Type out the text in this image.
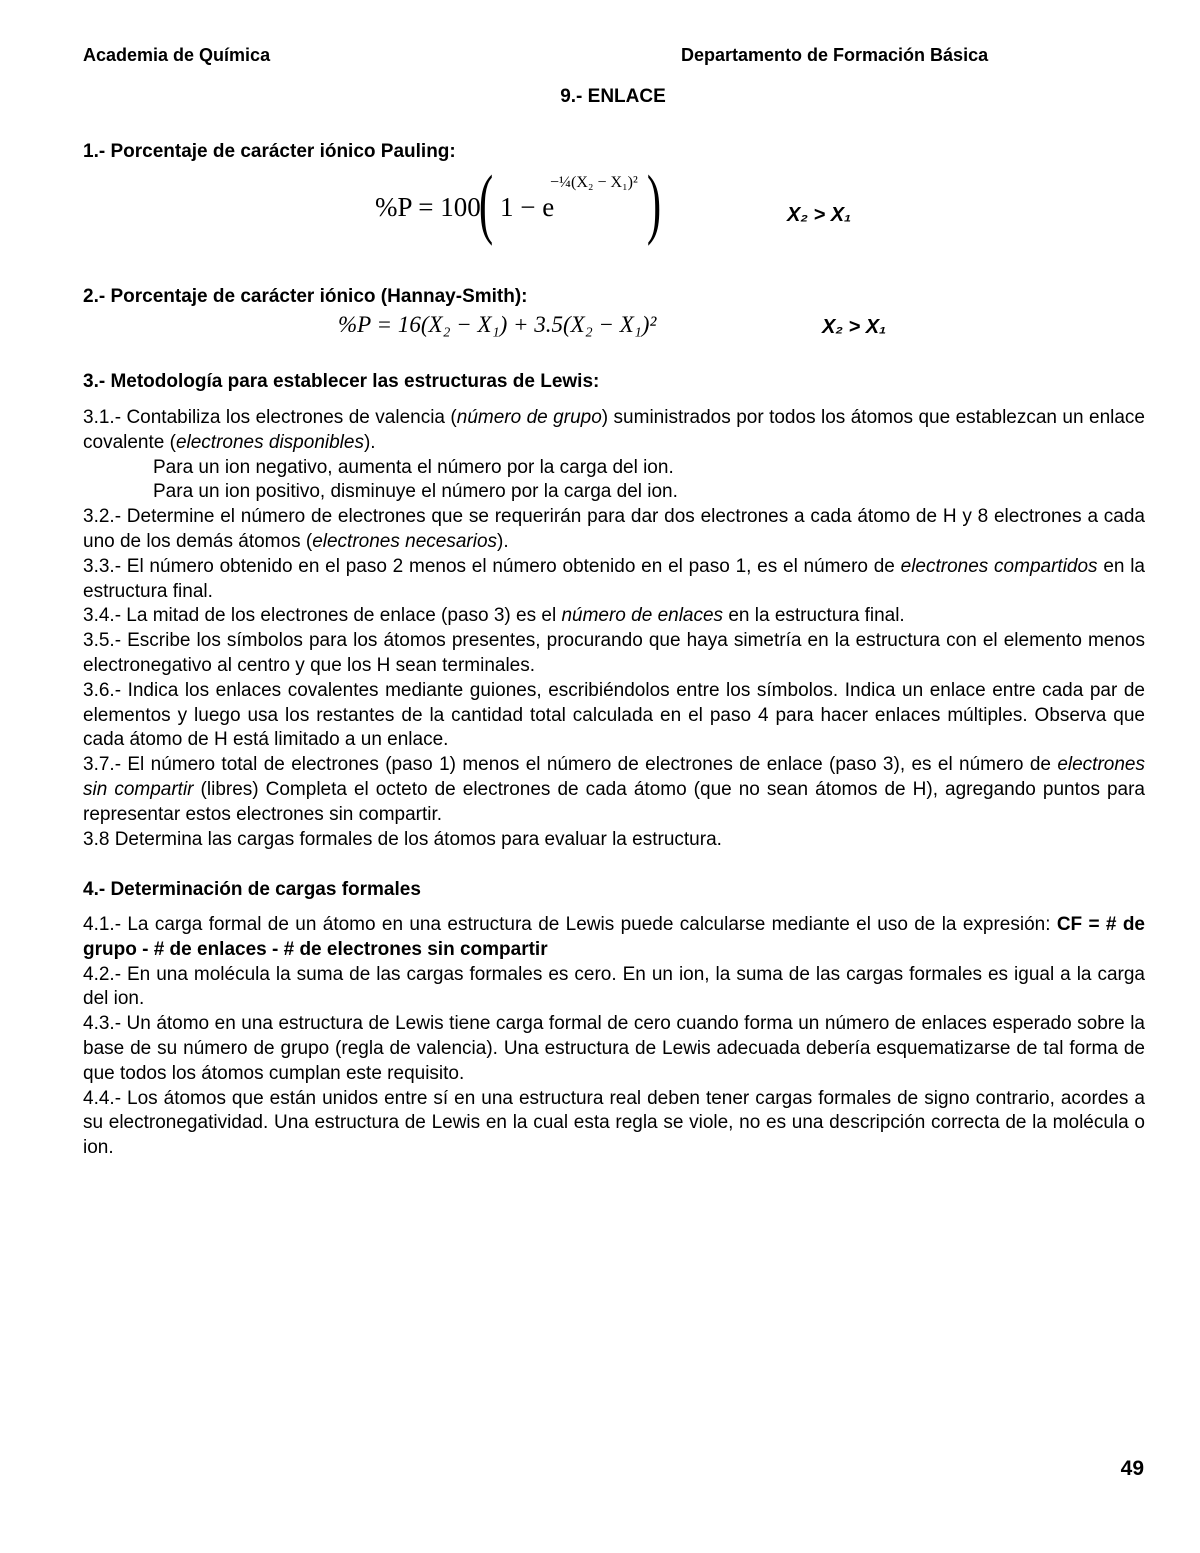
Academia de Química	Departamento de Formación Básica
9.- ENLACE
1.- Porcentaje de carácter iónico Pauling:
%P = 100
( 1 − e
−¼(X₂ − X₁)² )	X₂ > X₁
2.- Porcentaje de carácter iónico (Hannay-Smith):
%P = 16(X₂ − X₁) + 3.5(X₂ − X₁)²	X₂ > X₁
3.- Metodología para establecer las estructuras de Lewis:

3.1.- Contabiliza los electrones de valencia (número de grupo) suministrados por todos los átomos que establezcan un enlace covalente (electrones disponibles).

Para un ion negativo, aumenta el número por la carga del ion.

Para un ion positivo, disminuye el número por la carga del ion.

3.2.- Determine el número de electrones que se requerirán para dar dos electrones a cada átomo de H y 8 electrones a cada uno de los demás átomos (electrones necesarios).

3.3.- El número obtenido en el paso 2 menos el número obtenido en el paso 1, es el número de electrones compartidos en la estructura final.

3.4.- La mitad de los electrones de enlace (paso 3) es el número de enlaces en la estructura final.

3.5.- Escribe los símbolos para los átomos presentes, procurando que haya simetría en la estructura con el elemento menos electronegativo al centro y que los H sean terminales.

3.6.- Indica los enlaces covalentes mediante guiones, escribiéndolos entre los símbolos. Indica un enlace entre cada par de elementos y luego usa los restantes de la cantidad total calculada en el paso 4 para hacer enlaces múltiples. Observa que cada átomo de H está limitado a un enlace.

3.7.- El número total de electrones (paso 1) menos el número de electrones de enlace (paso 3), es el número de electrones sin compartir (libres) Completa el octeto de electrones de cada átomo (que no sean átomos de H), agregando puntos para representar estos electrones sin compartir.

3.8 Determina las cargas formales de los átomos para evaluar la estructura.

4.- Determinación de cargas formales

4.1.- La carga formal de un átomo en una estructura de Lewis puede calcularse mediante el uso de la expresión: CF = # de grupo - # de enlaces - # de electrones sin compartir

4.2.- En una molécula la suma de las cargas formales es cero. En un ion, la suma de las cargas formales es igual a la carga del ion.

4.3.- Un átomo en una estructura de Lewis tiene carga formal de cero cuando forma un número de enlaces esperado sobre la base de su número de grupo (regla de valencia). Una estructura de Lewis adecuada debería esquematizarse de tal forma de que todos los átomos cumplan este requisito.

4.4.- Los átomos que están unidos entre sí en una estructura real deben tener cargas formales de signo contrario, acordes a su electronegatividad. Una estructura de Lewis en la cual esta regla se viole, no es una descripción correcta de la molécula o ion.

49
